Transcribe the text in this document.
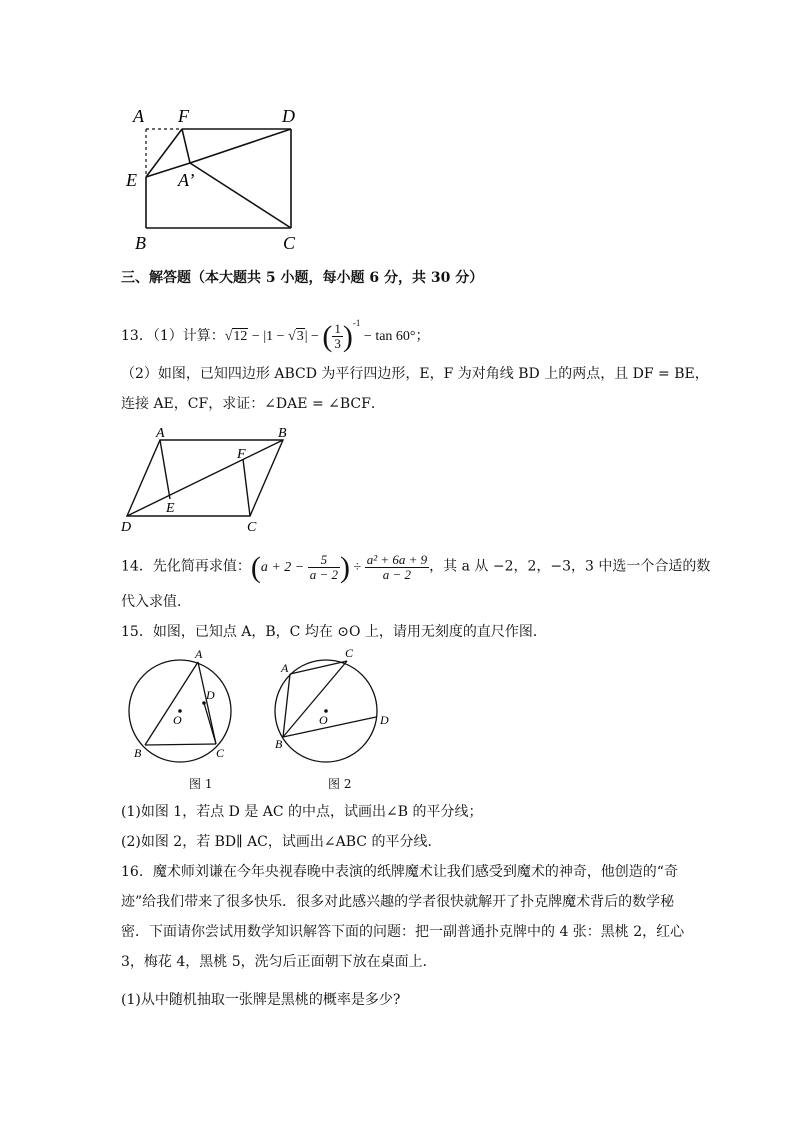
A F	D
E A’
B	C
三、解答题（本大题共 5 小题，每小题 6 分，共 30 分）
13．（1）计算：√12 − |1 − √3| − ( $\frac{1}{3} )^{-1} - \tan 60^\circ$；
（2）如图，已知四边形 ABCD 为平行四边形，E，F 为对角线 BD 上的两点，且 DF = BE，
连接 AE，CF，求证：∠DAE = ∠BCF．
A	B
F
E
D	C
14．先化简再求值：($a + 2 - \frac{5}{a - 2}$ ) ÷ $\frac{\text{a² + 6a + 9}}{a - 2}$ ，其 a 从 −2，2，−3，3 中选一个合适的数
代入求值．
15．如图，已知点 A，B，C 均在 ⊙O 上，请用无刻度的直尺作图．
A
D
O
B	C
图 1
A
C
O	D
B
图 2
(1)如图 1，若点 D 是 AC 的中点，试画出∠B 的平分线；
(2)如图 2，若 BD∥ AC，试画出∠ABC 的平分线．
16．魔术师刘谦在今年央视春晚中表演的纸牌魔术让我们感受到魔术的神奇，他创造的“奇
迹”给我们带来了很多快乐．很多对此感兴趣的学者很快就解开了扑克牌魔术背后的数学秘
密．下面请你尝试用数学知识解答下面的问题：把一副普通扑克牌中的 4 张：黑桃 2，红心
3，梅花 4，黑桃 5，洗匀后正面朝下放在桌面上．
(1)从中随机抽取一张牌是黑桃的概率是多少?
